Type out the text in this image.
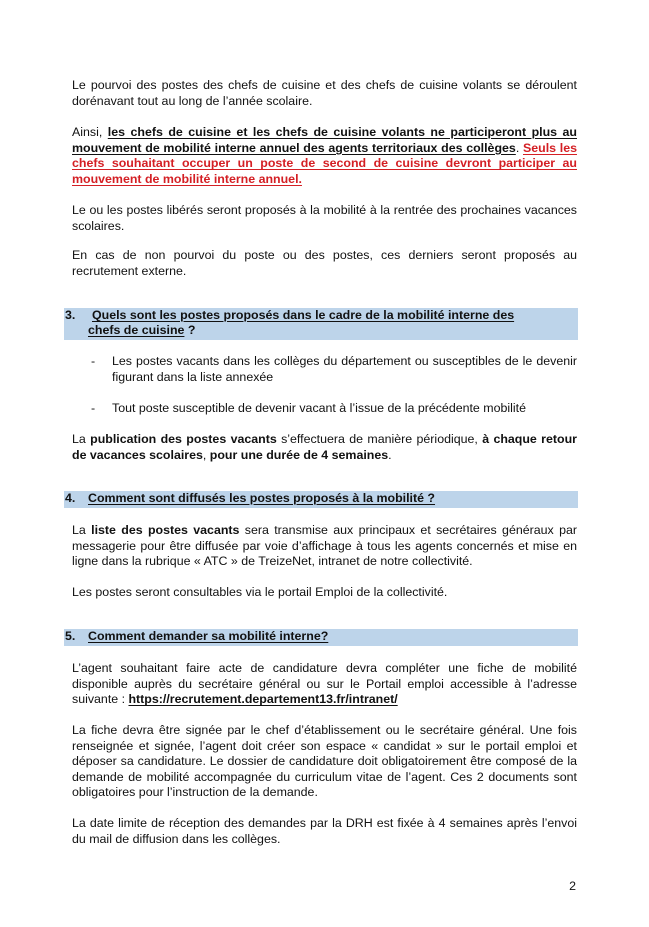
Le pourvoi des postes des chefs de cuisine et des chefs de cuisine volants se déroulent dorénavant tout au long de l’année scolaire.

Ainsi, les chefs de cuisine et les chefs de cuisine volants ne participeront plus au mouvement de mobilité interne annuel des agents territoriaux des collèges. Seuls les chefs souhaitant occuper un poste de second de cuisine devront participer au mouvement de mobilité interne annuel.

Le ou les postes libérés seront proposés à la mobilité à la rentrée des prochaines vacances scolaires.

En cas de non pourvoi du poste ou des postes, ces derniers seront proposés au recrutement externe.

3. Quels sont les postes proposés dans le cadre de la mobilité interne des
chefs de cuisine ?
- Les postes vacants dans les collèges du département ou susceptibles de le devenir figurant dans la liste annexée

- Tout poste susceptible de devenir vacant à l’issue de la précédente mobilité

La publication des postes vacants s’effectuera de manière périodique, à chaque retour de vacances scolaires, pour une durée de 4 semaines.

4. Comment sont diffusés les postes proposés à la mobilité ?

La liste des postes vacants sera transmise aux principaux et secrétaires généraux par messagerie pour être diffusée par voie d’affichage à tous les agents concernés et mise en ligne dans la rubrique « ATC » de TreizeNet, intranet de notre collectivité.

Les postes seront consultables via le portail Emploi de la collectivité.

5. Comment demander sa mobilité interne?

L’agent souhaitant faire acte de candidature devra compléter une fiche de mobilité disponible auprès du secrétaire général ou sur le Portail emploi accessible à l’adresse suivante : https://recrutement.departement13.fr/intranet/

La fiche devra être signée par le chef d’établissement ou le secrétaire général. Une fois renseignée et signée, l’agent doit créer son espace « candidat » sur le portail emploi et déposer sa candidature. Le dossier de candidature doit obligatoirement être composé de la demande de mobilité accompagnée du curriculum vitae de l’agent. Ces 2 documents sont obligatoires pour l’instruction de la demande.

La date limite de réception des demandes par la DRH est fixée à 4 semaines après l’envoi du mail de diffusion dans les collèges.

2
